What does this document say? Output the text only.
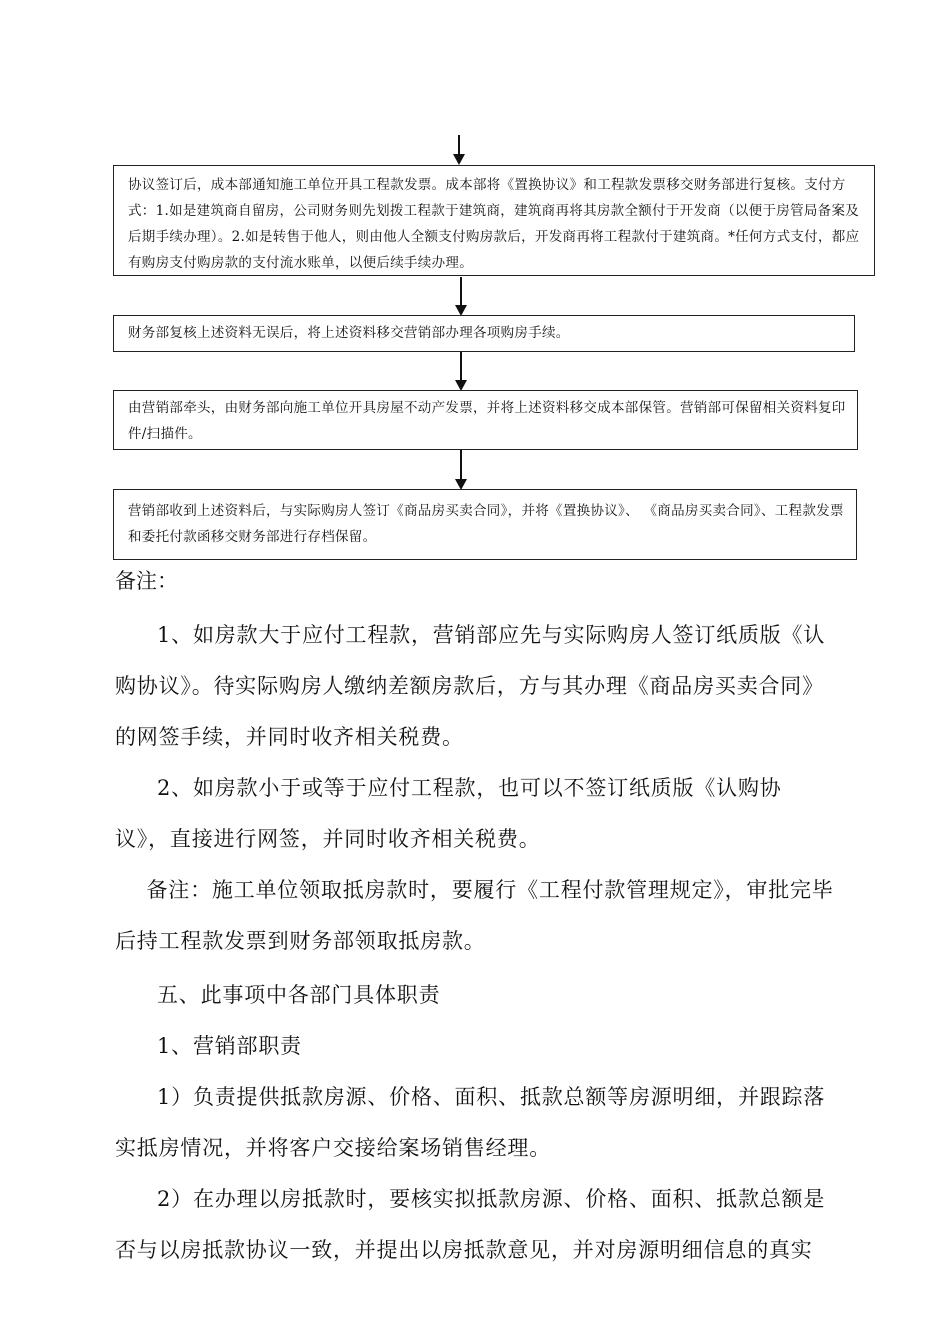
协议签订后，成本部通知施工单位开具工程款发票。成本部将《置换协议》和工程款发票移交财务部进行复核。支付方式：1.如是建筑商自留房，公司财务则先划拨工程款于建筑商，建筑商再将其房款全额付于开发商（以便于房管局备案及后期手续办理）。2.如是转售于他人，则由他人全额支付购房款后，开发商再将工程款付于建筑商。*任何方式支付，都应有购房支付购房款的支付流水账单，以便后续手续办理。
财务部复核上述资料无误后，将上述资料移交营销部办理各项购房手续。
由营销部牵头，由财务部向施工单位开具房屋不动产发票，并将上述资料移交成本部保管。营销部可保留相关资料复印件/扫描件。
营销部收到上述资料后，与实际购房人签订《商品房买卖合同》，并将《置换协议》、 《商品房买卖合同》、工程款发票和委托付款函移交财务部进行存档保留。
备注：

1、如房款大于应付工程款，营销部应先与实际购房人签订纸质版《认购协议》。待实际购房人缴纳差额房款后，方与其办理《商品房买卖合同》的网签手续，并同时收齐相关税费。

2、如房款小于或等于应付工程款，也可以不签订纸质版《认购协议》，直接进行网签，并同时收齐相关税费。

备注：施工单位领取抵房款时，要履行《工程付款管理规定》，审批完毕后持工程款发票到财务部领取抵房款。

五、此事项中各部门具体职责

1、营销部职责

1）负责提供抵款房源、价格、面积、抵款总额等房源明细，并跟踪落实抵房情况，并将客户交接给案场销售经理。

2）在办理以房抵款时，要核实拟抵款房源、价格、面积、抵款总额是否与以房抵款协议一致，并提出以房抵款意见，并对房源明细信息的真实
